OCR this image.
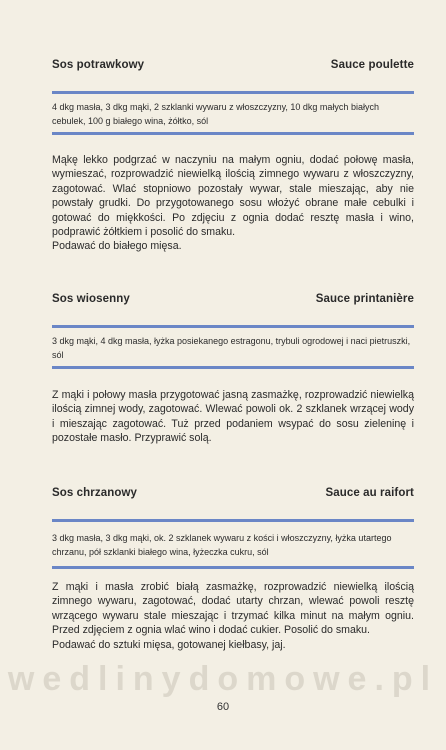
wedlinydomowe.pl
Sos potrawkowy	Sauce poulette
4 dkg masła, 3 dkg mąki, 2 szklanki wywaru z włoszczyzny, 10 dkg małych białych cebulek, 100 g białego wina, żółtko, sól

Mąkę lekko podgrzać w naczyniu na małym ogniu, dodać połowę masła, wymieszać, rozprowadzić niewielką ilością zimnego wywaru z włoszczyzny, zagotować. Wlać stopniowo pozostały wywar, stale mieszając, aby nie powstały grudki. Do przygotowanego sosu włożyć obrane małe cebulki i gotować do miękkości. Po zdjęciu z ognia dodać resztę masła i wino, podprawić żółtkiem i posolić do smaku.

Podawać do białego mięsa.

Sos wiosenny	Sauce printanière
3 dkg mąki, 4 dkg masła, łyżka posiekanego estragonu, trybuli ogrodowej i naci pietruszki, sól

Z mąki i połowy masła przygotować jasną zasmażkę, rozprowadzić niewielką ilością zimnej wody, zagotować. Wlewać powoli ok. 2 szklanek wrzącej wody i mieszając zagotować. Tuż przed podaniem wsypać do sosu zieleninę i pozostałe masło. Przyprawić solą.

Sos chrzanowy	Sauce au raifort
3 dkg masła, 3 dkg mąki, ok. 2 szklanek wywaru z kości i włoszczyzny, łyżka utartego chrzanu, pół szklanki białego wina, łyżeczka cukru, sól

Z mąki i masła zrobić białą zasmażkę, rozprowadzić niewielką ilością zimnego wywaru, zagotować, dodać utarty chrzan, wlewać powoli resztę wrzącego wywaru stale mieszając i trzymać kilka minut na małym ogniu. Przed zdjęciem z ognia wlać wino i dodać cukier. Posolić do smaku.

Podawać do sztuki mięsa, gotowanej kiełbasy, jaj.

60
